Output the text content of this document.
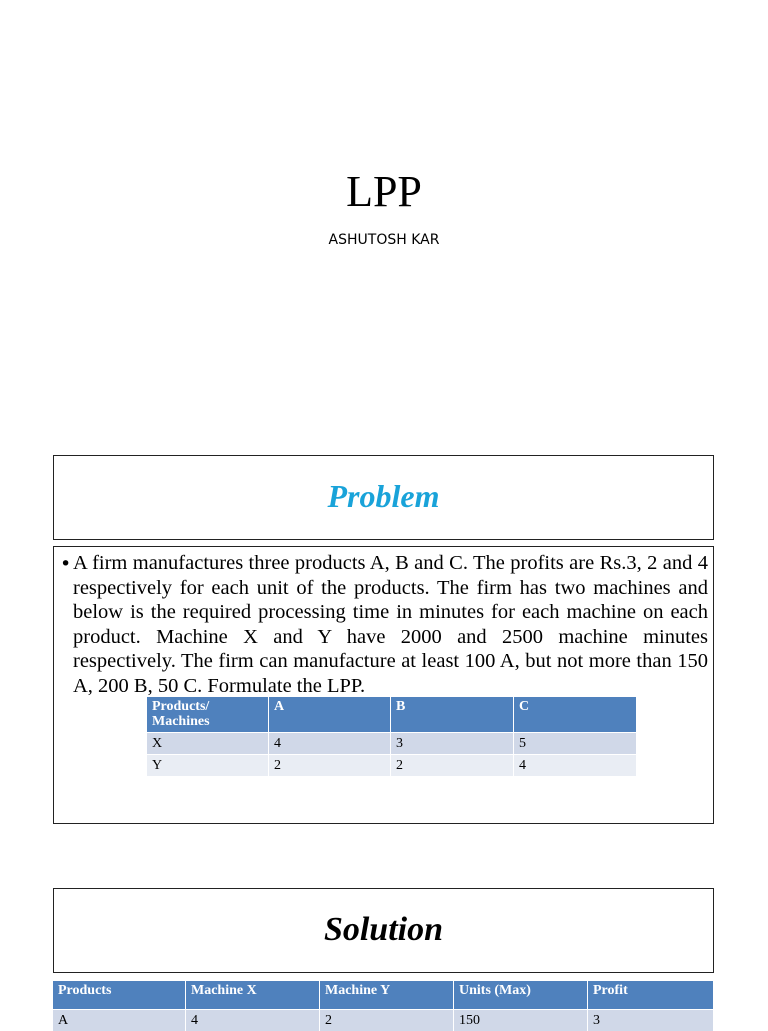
LPP
ASHUTOSH KAR
Problem
• A firm manufactures three products A, B and C. The profits are Rs.3, 2 and 4 respectively for each unit of the products. The firm has two machines and below is the required processing time in minutes for each machine on each product. Machine X and Y have 2000 and 2500 machine minutes respectively. The firm can manufacture at least 100 A, but not more than 150 A, 200 B, 50 C. Formulate the LPP.
Products/ Machines	A	B	C
X	4	3	5
Y	2	2	4
Solution
Products	Machine X	Machine Y	Units (Max)	Profit
A	4	2	150	3
